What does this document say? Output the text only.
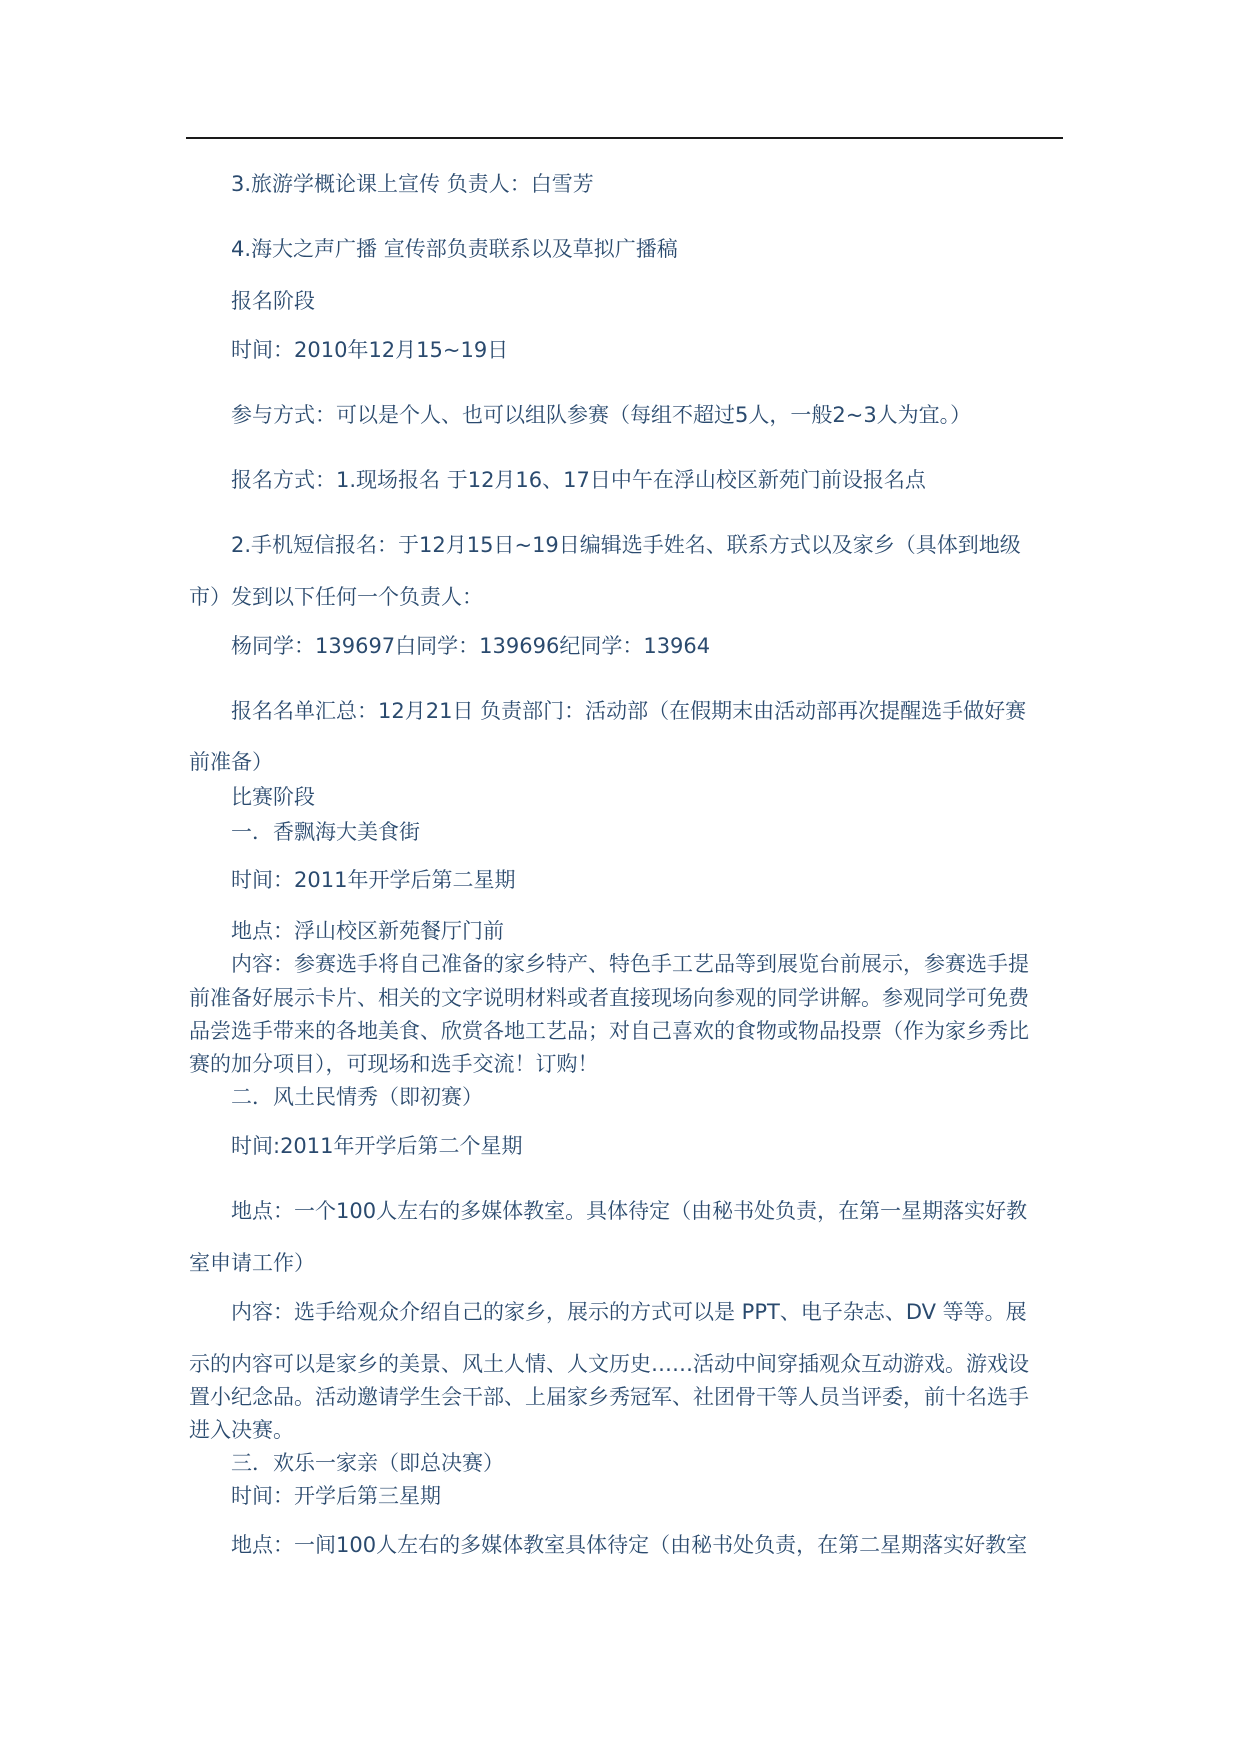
3.旅游学概论课上宣传 负责人：白雪芳
4.海大之声广播 宣传部负责联系以及草拟广播稿
报名阶段
时间：2010年12月15~19日
参与方式：可以是个人、也可以组队参赛（每组不超过5人，一般2~3人为宜。）
报名方式：1.现场报名 于12月16、17日中午在浮山校区新苑门前设报名点
2.手机短信报名：于12月15日~19日编辑选手姓名、联系方式以及家乡（具体到地级
市）发到以下任何一个负责人：
杨同学：139697白同学：139696纪同学：13964
报名名单汇总：12月21日 负责部门：活动部（在假期末由活动部再次提醒选手做好赛
前准备）
比赛阶段
一．香飘海大美食街
时间：2011年开学后第二星期
地点：浮山校区新苑餐厅门前
内容：参赛选手将自己准备的家乡特产、特色手工艺品等到展览台前展示，参赛选手提
前准备好展示卡片、相关的文字说明材料或者直接现场向参观的同学讲解。参观同学可免费
品尝选手带来的各地美食、欣赏各地工艺品；对自己喜欢的食物或物品投票（作为家乡秀比
赛的加分项目），可现场和选手交流！订购！
二．风土民情秀（即初赛）
时间:2011年开学后第二个星期
地点：一个100人左右的多媒体教室。具体待定（由秘书处负责，在第一星期落实好教
室申请工作）
内容：选手给观众介绍自己的家乡，展示的方式可以是 PPT、电子杂志、DV 等等。展
示的内容可以是家乡的美景、风土人情、人文历史……活动中间穿插观众互动游戏。游戏设
置小纪念品。活动邀请学生会干部、上届家乡秀冠军、社团骨干等人员当评委，前十名选手
进入决赛。
三．欢乐一家亲（即总决赛）
时间：开学后第三星期
地点：一间100人左右的多媒体教室具体待定（由秘书处负责，在第二星期落实好教室
